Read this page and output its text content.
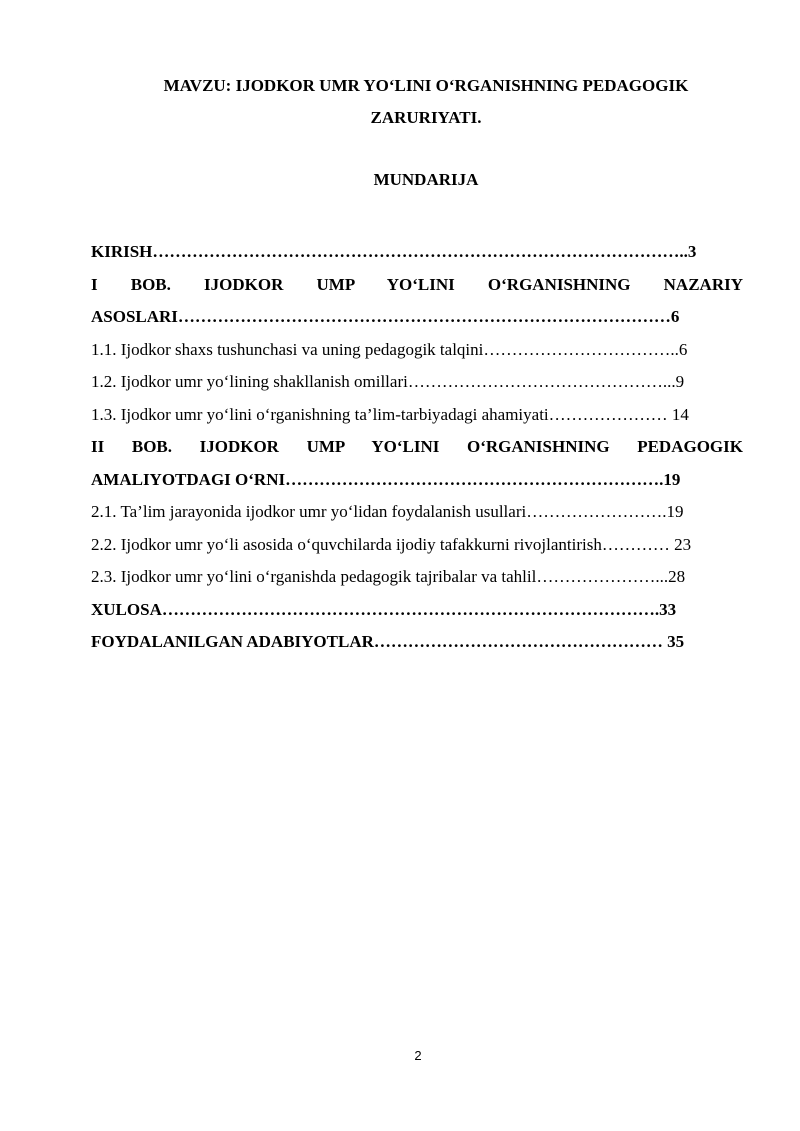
MAVZU: IJODKOR UMR YO‘LINI O‘RGANISHNING PEDAGOGIK
ZARURIYATI.
MUNDARIJA

KIRISH…………………………………………………………………………………..3

I BOB. IJODKOR UMP YO‘LINI O‘RGANISHNING NAZARIY ASOSLARI……………………………………………………………………………6

1.1. Ijodkor shaxs tushunchasi va uning pedagogik talqini……………………………..6

1.2. Ijodkor umr yo‘lining shakllanish omillari………………………………………...9

1.3. Ijodkor umr yo‘lini o‘rganishning ta’lim-tarbiyadagi ahamiyati………………… 14

II BOB. IJODKOR UMP YO‘LINI O‘RGANISHNING PEDAGOGIK AMALIYOTDAGI O‘RNI………………………………………………………….19

2.1. Ta’lim jarayonida ijodkor umr yo‘lidan foydalanish usullari…………………….19

2.2. Ijodkor umr yo‘li asosida o‘quvchilarda ijodiy tafakkurni rivojlantirish………… 23

2.3. Ijodkor umr yo‘lini o‘rganishda pedagogik tajribalar va tahlil…………………...28

XULOSA…………………………………………………………………………….33

FOYDALANILGAN ADABIYOTLAR…………………………………………… 35

2
